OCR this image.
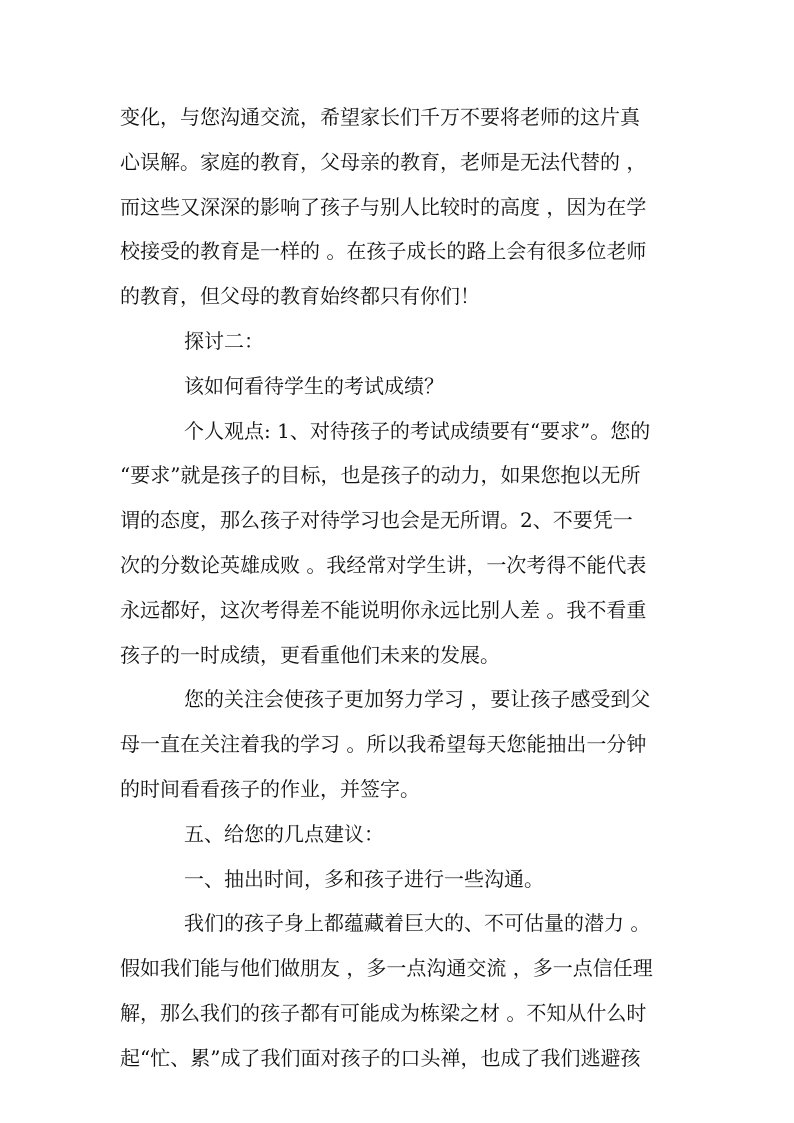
变化，与您沟通交流，希望家长们千万不要将老师的这片真
心误解。家庭的教育，父母亲的教育，老师是无法代替的 ，
而这些又深深的影响了孩子与别人比较时的高度 ，因为在学
校接受的教育是一样的 。在孩子成长的路上会有很多位老师
的教育，但父母的教育始终都只有你们！
探讨二：
该如何看待学生的考试成绩？
个人观点: 1、对待孩子的考试成绩要有“要求”。您的
“要求”就是孩子的目标，也是孩子的动力，如果您抱以无所
谓的态度，那么孩子对待学习也会是无所谓。2、不要凭一
次的分数论英雄成败 。我经常对学生讲，一次考得不能代表
永远都好，这次考得差不能说明你永远比别人差 。我不看重
孩子的一时成绩，更看重他们未来的发展。
您的关注会使孩子更加努力学习 ，要让孩子感受到父
母一直在关注着我的学习 。所以我希望每天您能抽出一分钟
的时间看看孩子的作业，并签字。
五、给您的几点建议：
一、抽出时间，多和孩子进行一些沟通。
我们的孩子身上都蕴藏着巨大的、不可估量的潜力 。
假如我们能与他们做朋友 ，多一点沟通交流 ，多一点信任理
解，那么我们的孩子都有可能成为栋梁之材 。不知从什么时
起“忙、累”成了我们面对孩子的口头禅，也成了我们逃避孩
